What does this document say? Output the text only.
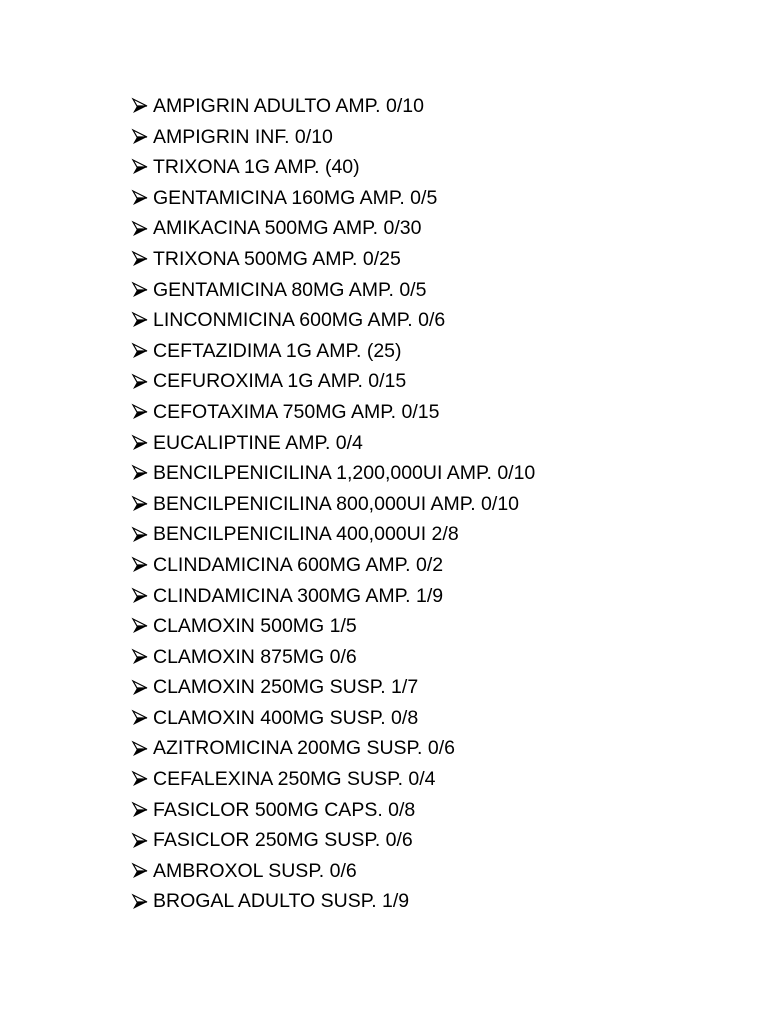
AMPIGRIN ADULTO AMP. 0/10
AMPIGRIN INF. 0/10
TRIXONA 1G AMP. (40)
GENTAMICINA 160MG AMP. 0/5
AMIKACINA 500MG AMP. 0/30
TRIXONA 500MG AMP. 0/25
GENTAMICINA 80MG AMP. 0/5
LINCONMICINA 600MG AMP. 0/6
CEFTAZIDIMA 1G AMP. (25)
CEFUROXIMA 1G AMP. 0/15
CEFOTAXIMA 750MG AMP. 0/15
EUCALIPTINE AMP. 0/4
BENCILPENICILINA 1,200,000UI AMP. 0/10
BENCILPENICILINA 800,000UI AMP. 0/10
BENCILPENICILINA 400,000UI 2/8
CLINDAMICINA 600MG AMP. 0/2
CLINDAMICINA 300MG AMP. 1/9
CLAMOXIN 500MG 1/5
CLAMOXIN 875MG 0/6
CLAMOXIN 250MG SUSP. 1/7
CLAMOXIN 400MG SUSP. 0/8
AZITROMICINA 200MG SUSP. 0/6
CEFALEXINA 250MG SUSP. 0/4
FASICLOR 500MG CAPS. 0/8
FASICLOR 250MG SUSP. 0/6
AMBROXOL SUSP. 0/6
BROGAL ADULTO SUSP. 1/9
